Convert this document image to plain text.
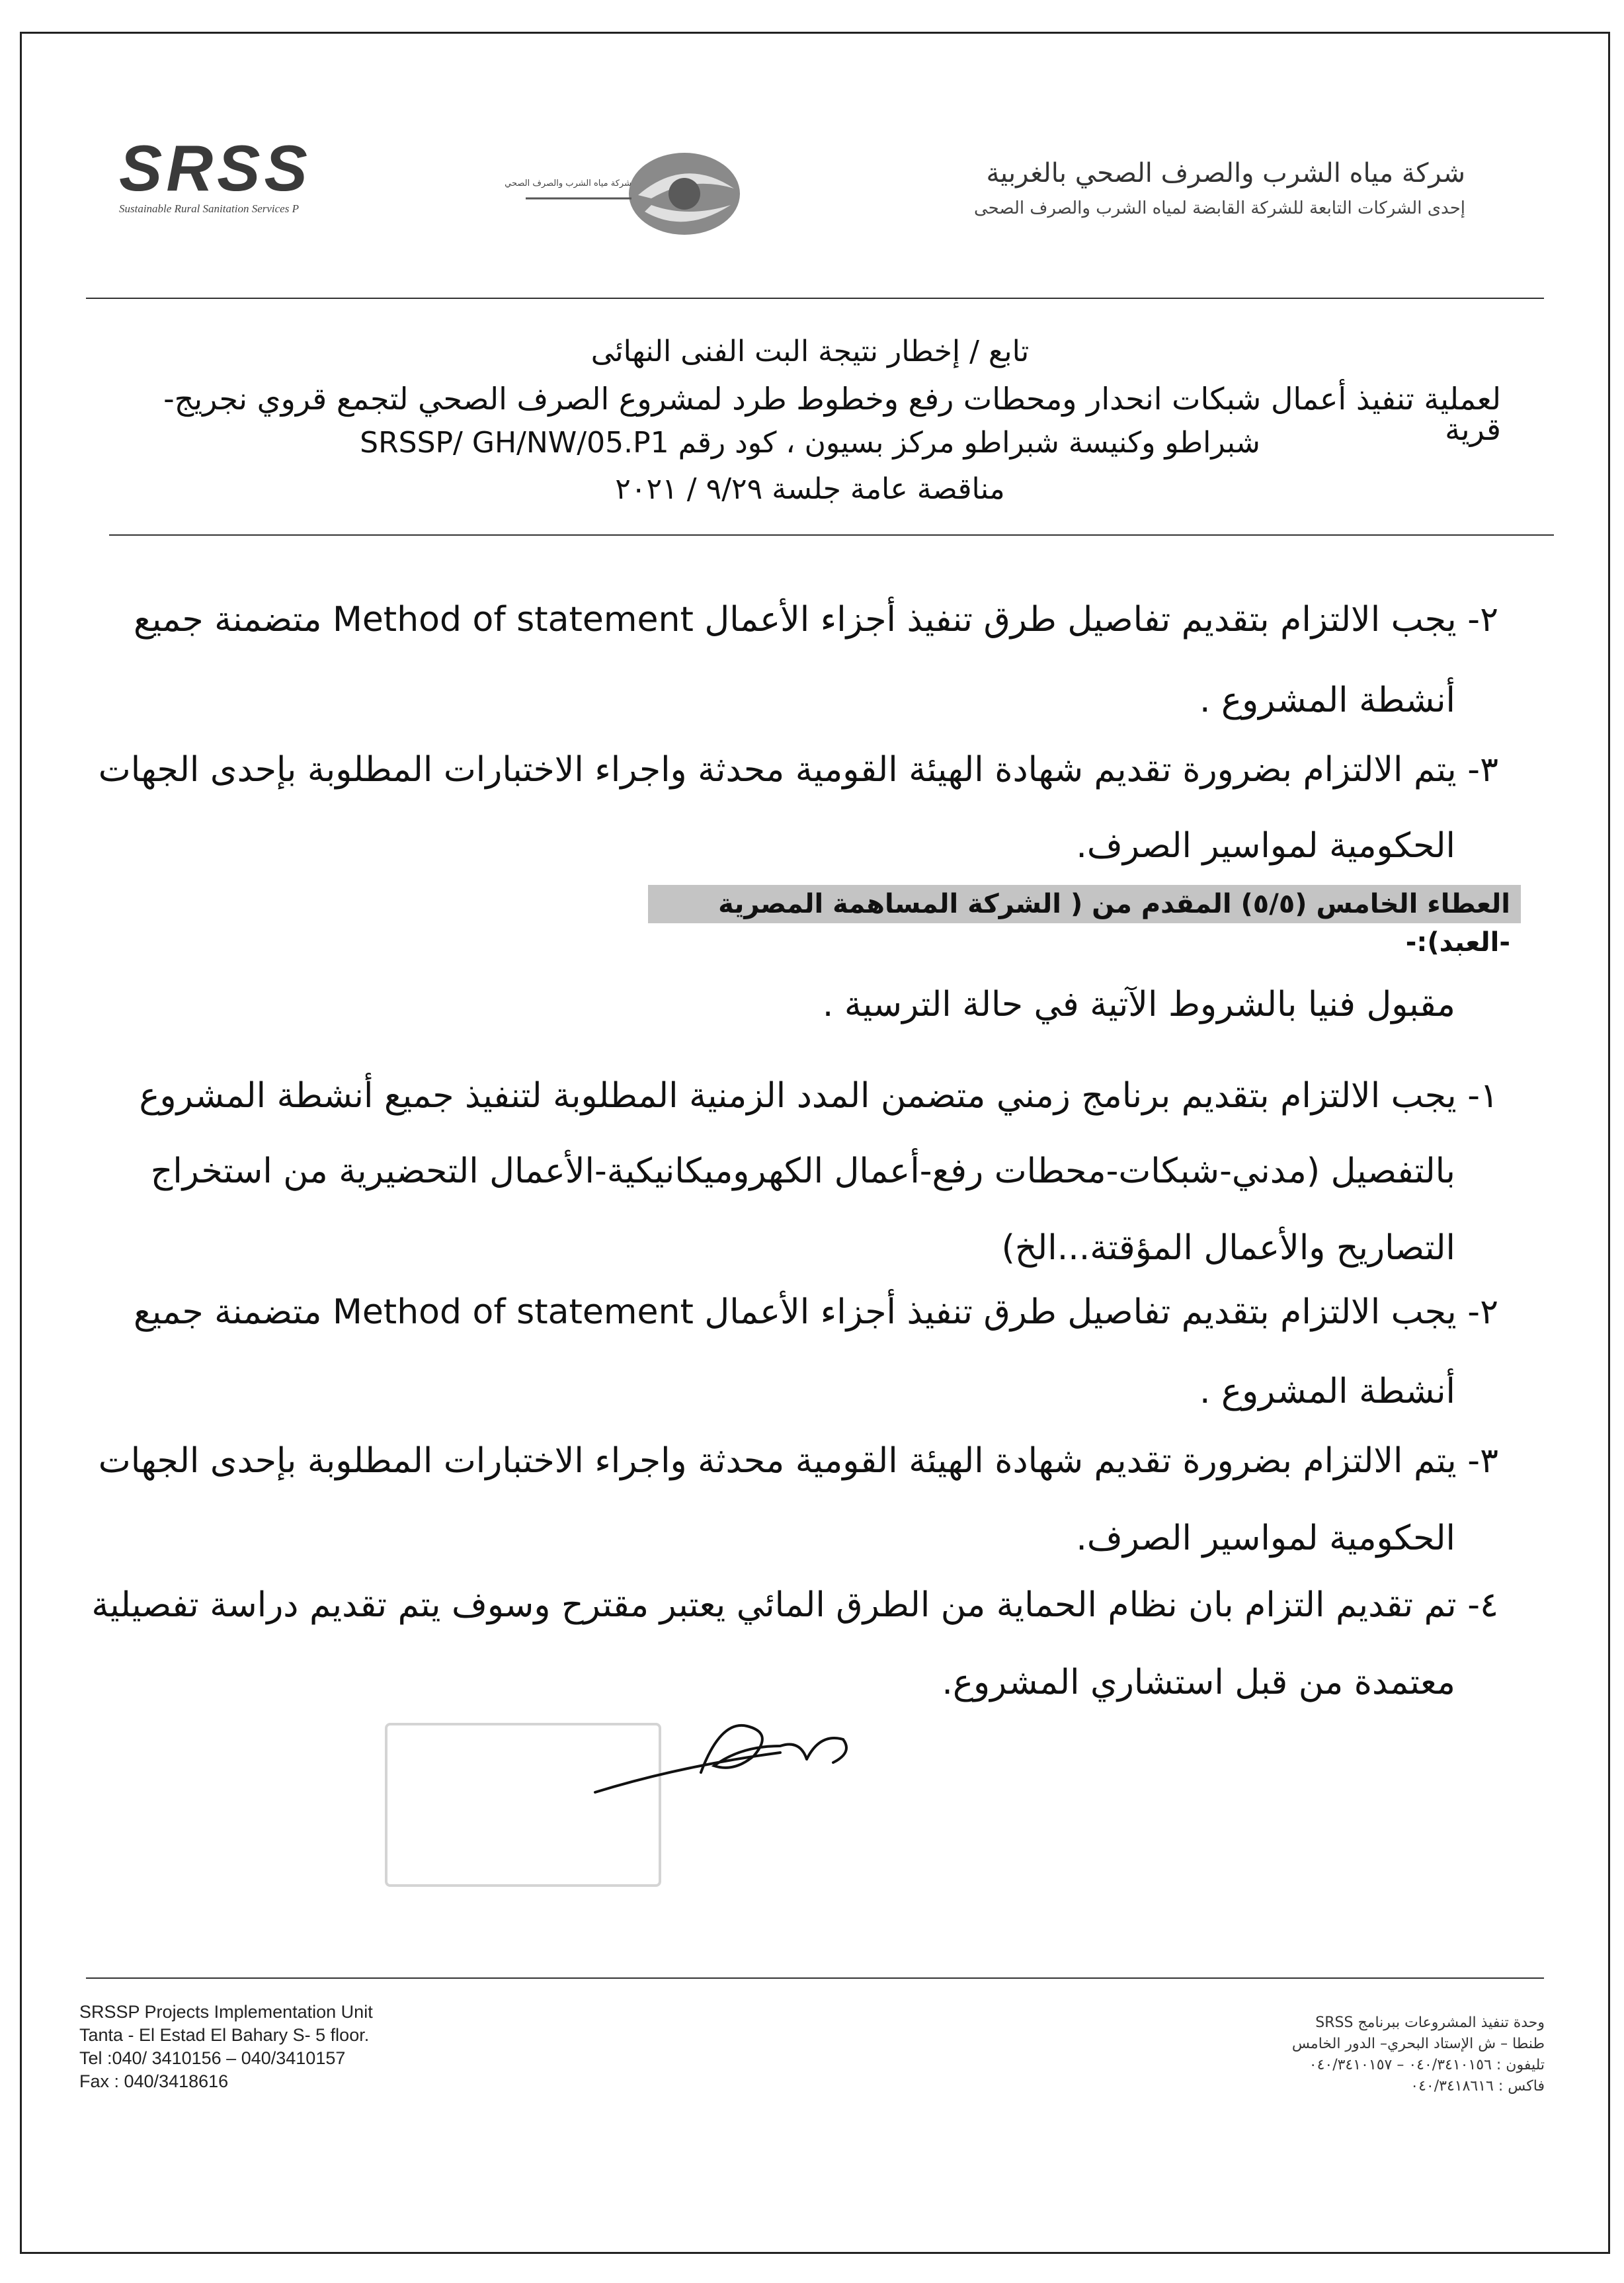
SRSS
Sustainable Rural Sanitation Services P
شركة مياه الشرب والصرف الصحي	شركة مياه الشرب والصرف الصحي بالغربية
إحدى الشركات التابعة للشركة القابضة لمياه الشرب والصرف الصحى
تابع / إخطار نتيجة البت الفنى النهائى
لعملية تنفيذ أعمال شبكات انحدار ومحطات رفع وخطوط طرد لمشروع الصرف الصحي لتجمع قروي نجريج- قرية
شبراطو وكنيسة شبراطو مركز بسيون ، كود رقم SRSSP/ GH/NW/05.P1
مناقصة عامة جلسة ٩/٢٩ / ٢٠٢١
٢- يجب الالتزام بتقديم تفاصيل طرق تنفيذ أجزاء الأعمال Method of statement متضمنة جميع
أنشطة المشروع .
٣- يتم الالتزام بضرورة تقديم شهادة الهيئة القومية محدثة واجراء الاختبارات المطلوبة بإحدى الجهات
الحكومية لمواسير الصرف.
العطاء الخامس (٥/٥) المقدم من ( الشركة المساهمة المصرية -العبد):-
مقبول فنيا بالشروط الآتية في حالة الترسية .
١- يجب الالتزام بتقديم برنامج زمني متضمن المدد الزمنية المطلوبة لتنفيذ جميع أنشطة المشروع
بالتفصيل (مدني-شبكات-محطات رفع-أعمال الكهروميكانيكية-الأعمال التحضيرية من استخراج
التصاريح والأعمال المؤقتة...الخ)
٢- يجب الالتزام بتقديم تفاصيل طرق تنفيذ أجزاء الأعمال Method of statement متضمنة جميع
أنشطة المشروع .
٣- يتم الالتزام بضرورة تقديم شهادة الهيئة القومية محدثة واجراء الاختبارات المطلوبة بإحدى الجهات
الحكومية لمواسير الصرف.
٤- تم تقديم التزام بان نظام الحماية من الطرق المائي يعتبر مقترح وسوف يتم تقديم دراسة تفصيلية
معتمدة من قبل استشاري المشروع.
SRSSP Projects Implementation Unit
Tanta - El Estad El Bahary S- 5 floor.
Tel :040/ 3410156 – 040/3410157
Fax : 040/3418616
وحدة تنفيذ المشروعات ببرنامج SRSS
طنطا – ش الإستاد البحري– الدور الخامس
تليفون : ٠٤٠/٣٤١٠١٥٦ – ٠٤٠/٣٤١٠١٥٧
فاكس : ٠٤٠/٣٤١٨٦١٦
